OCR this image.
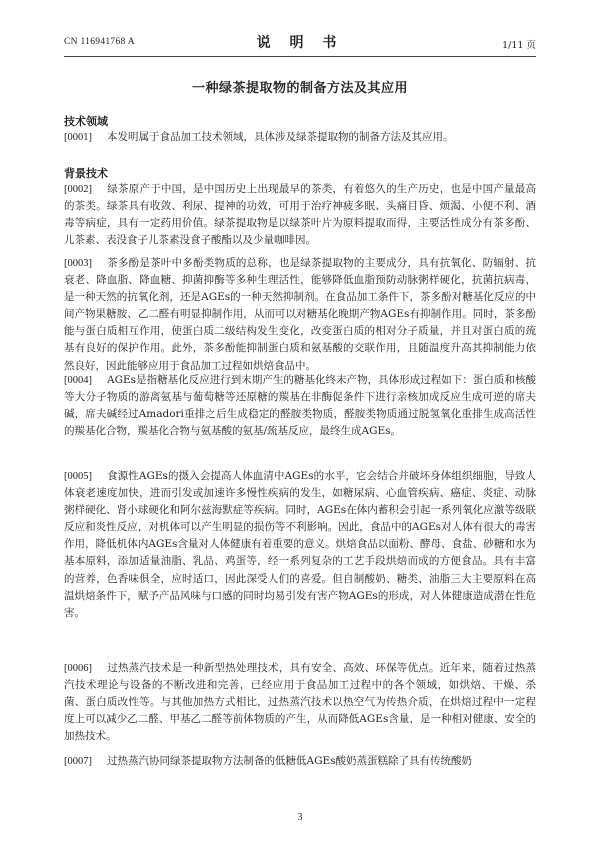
CN 116941768 A	说 明 书	1/11 页
一种绿茶提取物的制备方法及其应用
技术领域
[0001] 本发明属于食品加工技术领域，具体涉及绿茶提取物的制备方法及其应用。
背景技术
[0002] 绿茶原产于中国，是中国历史上出现最早的茶类，有着悠久的生产历史，也是中国产量最高的茶类。绿茶具有收敛、利尿、提神的功效，可用于治疗神疲多眠、头痛目昏、烦渴、小便不利、酒毒等病症，具有一定药用价值。绿茶提取物是以绿茶叶片为原料提取而得，主要活性成分有茶多酚、儿茶素、表没食子儿茶素没食子酸酯以及少量咖啡因。
[0003] 茶多酚是茶叶中多酚类物质的总称，也是绿茶提取物的主要成分，具有抗氧化、防辐射、抗衰老、降血脂、降血糖、抑菌抑酶等多种生理活性，能够降低血脂预防动脉粥样硬化，抗菌抗病毒，是一种天然的抗氧化剂，还是AGEs的一种天然抑制剂。在食品加工条件下，茶多酚对糖基化反应的中间产物果糖胺、乙二醛有明显抑制作用，从而可以对糖基化晚期产物AGEs有抑制作用。同时，茶多酚能与蛋白质相互作用，使蛋白质二级结构发生变化，改变蛋白质的相对分子质量，并且对蛋白质的巯基有良好的保护作用。此外，茶多酚能抑制蛋白质和氨基酸的交联作用，且随温度升高其抑制能力依然良好，因此能够应用于食品加工过程如烘焙食品中。
[0004] AGEs是指糖基化反应进行到末期产生的糖基化终末产物，具体形成过程如下：蛋白质和核酸等大分子物质的游离氨基与葡萄糖等还原糖的羰基在非酶促条件下进行亲核加成反应生成可逆的席夫碱，席夫碱经过Amadori重排之后生成稳定的醛胺类物质，醛胺类物质通过脱氢氧化重排生成高活性的羰基化合物，羰基化合物与氨基酸的氨基/巯基反应，最终生成AGEs。
[0005] 食源性AGEs的摄入会提高人体血清中AGEs的水平，它会结合并破坏身体组织细胞，导致人体衰老速度加快，进而引发或加速许多慢性疾病的发生，如糖尿病、心血管疾病、癌症、炎症、动脉粥样硬化、肾小球硬化和阿尔兹海默症等疾病。同时，AGEs在体内蓄积会引起一系列氧化应激等级联反应和炎性反应，对机体可以产生明显的损伤等不利影响。因此，食品中的AGEs对人体有很大的毒害作用，降低机体内AGEs含量对人体健康有着重要的意义。烘焙食品以面粉、酵母、食盐、砂糖和水为基本原料，添加适量油脂、乳品、鸡蛋等，经一系列复杂的工艺手段烘焙而成的方便食品。具有丰富的营养，色香味俱全，应时适口，因此深受人们的喜爱。但自制酸奶、糖类、油脂三大主要原料在高温烘焙条件下，赋予产品风味与口感的同时均易引发有害产物AGEs的形成，对人体健康造成潜在性危害。
[0006] 过热蒸汽技术是一种新型热处理技术，具有安全、高效、环保等优点。近年来，随着过热蒸汽技术理论与设备的不断改进和完善，已经应用于食品加工过程中的各个领域，如烘焙、干燥、杀菌、蛋白质改性等。与其他加热方式相比，过热蒸汽技术以热空气为传热介质，在烘焙过程中一定程度上可以减少乙二醛、甲基乙二醛等前体物质的产生，从而降低AGEs含量，是一种相对健康、安全的加热技术。
[0007] 过热蒸汽协同绿茶提取物方法制备的低糖低AGEs酸奶蒸蛋糕除了具有传统酸奶
3
